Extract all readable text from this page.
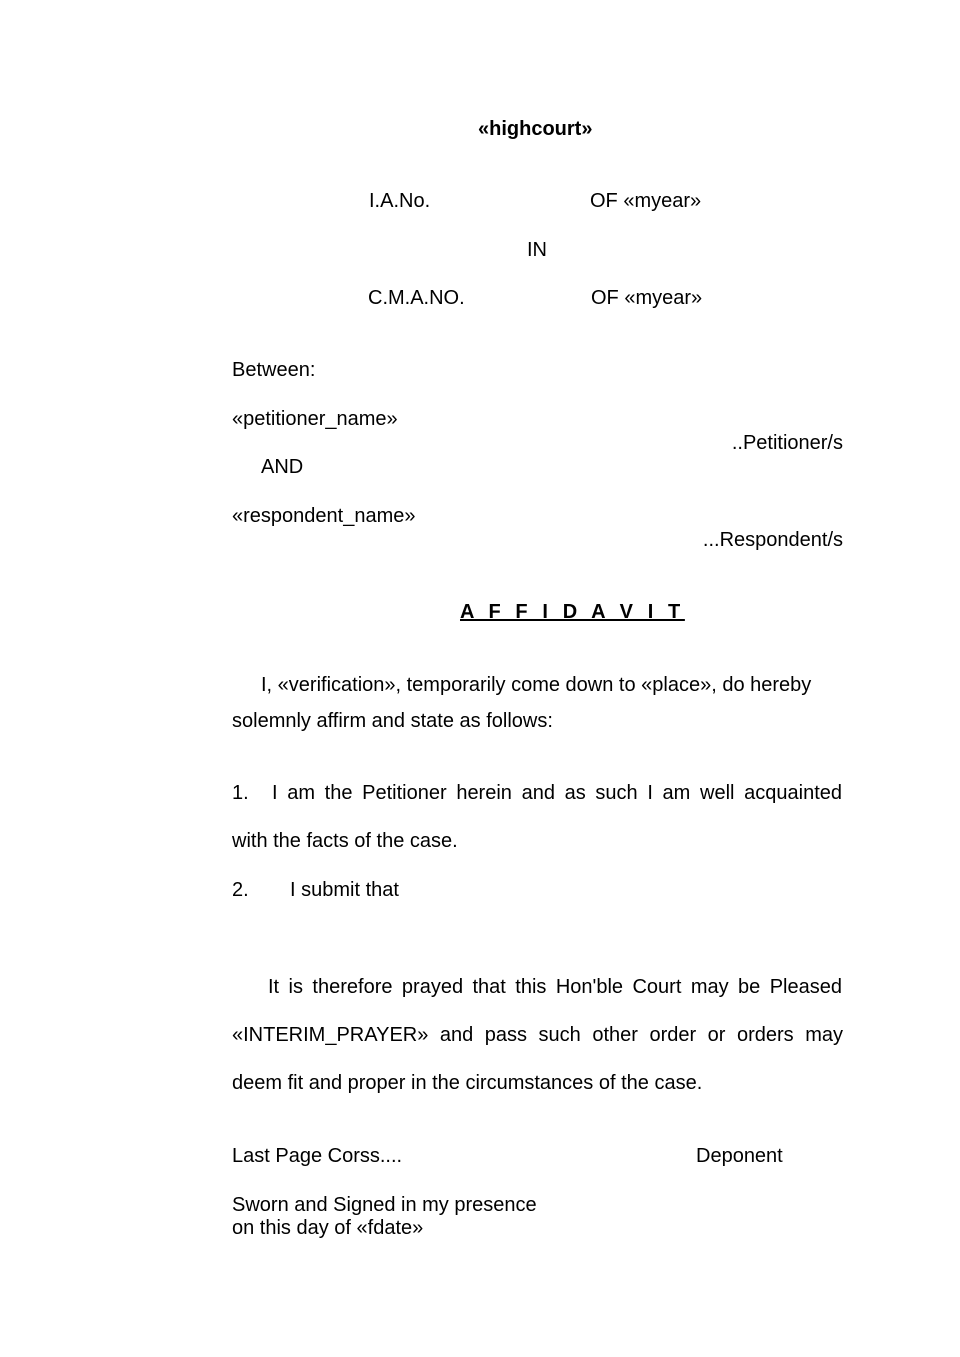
«highcourt»
I.A.No.	OF «myear»
IN
C.M.A.NO.	OF «myear»
Between:
«petitioner_name»
..Petitioner/s
AND
«respondent_name»
...Respondent/s
A F F I D A V I T
I, «verification», temporarily come down to «place», do hereby
solemnly affirm and state as follows:
1. I am the Petitioner herein and as such I am well acquainted
with the facts of the case.
2. I submit that
It is therefore prayed that this Hon'ble Court may be Pleased
«INTERIM_PRAYER» and pass such other order or orders may
deem fit and proper in the circumstances of the case.
Last Page Corss....	Deponent
Sworn and Signed in my presence
on this day of «fdate»
